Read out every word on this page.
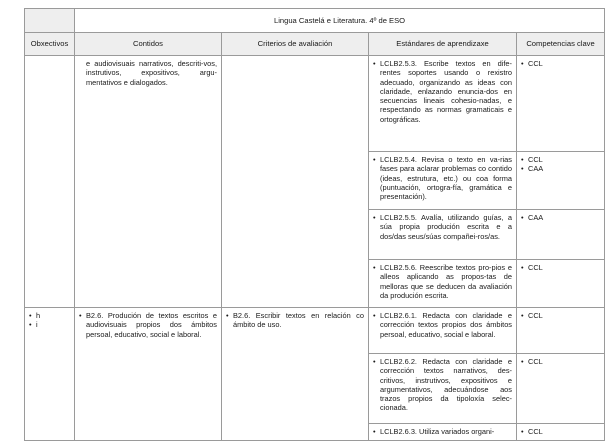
	Lingua Castelá e Literatura. 4º de ESO			
Obxectivos	Contidos	Criterios de avaliación	Estándares de aprendizaxe	Competencias clave

	e audiovisuais narrativos, descriti-vos, instrutivos, expositivos, argu-mentativos e dialogados.		• LCLB2.5.3. Escribe textos en dife-rentes soportes usando o rexistro adecuado, organizando as ideas con claridade, enlazando enuncia-dos en secuencias lineais cohesio-nadas, e respectando as normas gramaticais e ortográficas.	• CCL

			• LCLB2.5.4. Revisa o texto en va-rias fases para aclarar problemas co contido (ideas, estrutura, etc.) ou coa forma (puntuación, ortogra-fía, gramática e presentación).	• CCL
• CAA

			• LCLB2.5.5. Avalía, utilizando guías, a súa propia produción escrita e a dos/das seus/súas compañei-ros/as.	• CAA

			• LCLB2.5.6. Reescribe textos pro-pios e alleos aplicando as propos-tas de melloras que se deducen da avaliación da produción escrita.	• CCL

• h
• i	• B2.6. Produción de textos escritos e audiovisuais propios dos ámbitos persoal, educativo, social e laboral.	• B2.6. Escribir textos en relación co ámbito de uso.	• LCLB2.6.1. Redacta con claridade e corrección textos propios dos ámbitos persoal, educativo, social e laboral.	• CCL

			• LCLB2.6.2. Redacta con claridade e corrección textos narrativos, des-critivos, instrutivos, expositivos e argumentativos, adecuándose aos trazos propios da tipoloxía selec-cionada.	• CCL

			• LCLB2.6.3. Utiliza variados organi-	• CCL
